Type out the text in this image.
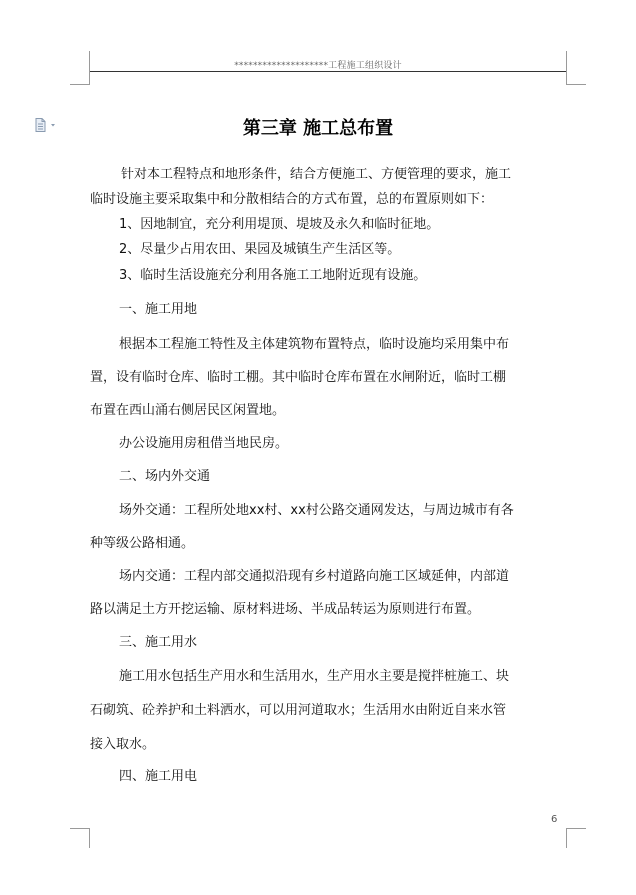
********************工程施工组织设计
第三章 施工总布置
针对本工程特点和地形条件，结合方便施工、方便管理的要求，施工
临时设施主要采取集中和分散相结合的方式布置，总的布置原则如下：
1、因地制宜，充分利用堤顶、堤坡及永久和临时征地。
2、尽量少占用农田、果园及城镇生产生活区等。
3、临时生活设施充分利用各施工工地附近现有设施。
一、施工用地
根据本工程施工特性及主体建筑物布置特点，临时设施均采用集中布
置，设有临时仓库、临时工棚。其中临时仓库布置在水闸附近，临时工棚
布置在西山涌右侧居民区闲置地。
办公设施用房租借当地民房。
二、场内外交通
场外交通：工程所处地xx村、xx村公路交通网发达，与周边城市有各
种等级公路相通。
场内交通：工程内部交通拟沿现有乡村道路向施工区域延伸，内部道
路以满足土方开挖运输、原材料进场、半成品转运为原则进行布置。
三、施工用水
施工用水包括生产用水和生活用水，生产用水主要是搅拌桩施工、块
石砌筑、砼养护和土料洒水，可以用河道取水；生活用水由附近自来水管
接入取水。
四、施工用电
6
